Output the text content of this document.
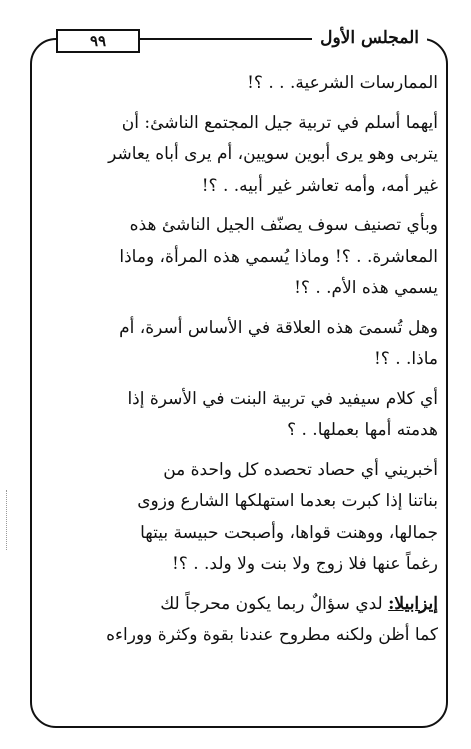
المجلس الأول
٩٩

الممارسات الشرعية. . . ؟!

أيهما أسلم في تربية جيل المجتمع الناشئ: أن
يتربى وهو يرى أبوين سويين، أم يرى أباه يعاشر
غير أمه، وأمه تعاشر غير أبيه. . ؟!

وبأي تصنيف سوف يصنّف الجيل الناشئ هذه
المعاشرة. . ؟! وماذا يُسمي هذه المرأة، وماذا
يسمي هذه الأم. . ؟!

وهل تُسمىَ هذه العلاقة في الأساس أسرة، أم
ماذا. . ؟!

أي كلام سيفيد في تربية البنت في الأسرة إذا
هدمته أمها بعملها. . ؟

أخبريني أي حصاد تحصده كل واحدة من
بناتنا إذا كبرت بعدما استهلكها الشارع وزوى
جمالها، ووهنت قواها، وأصبحت حبيسة بيتها
رغماً عنها فلا زوج ولا بنت ولا ولد. . ؟!

إيزابيلا: لدي سؤالٌ ربما يكون محرجاً لك
كما أظن ولكنه مطروح عندنا بقوة وكثرة ووراءه
